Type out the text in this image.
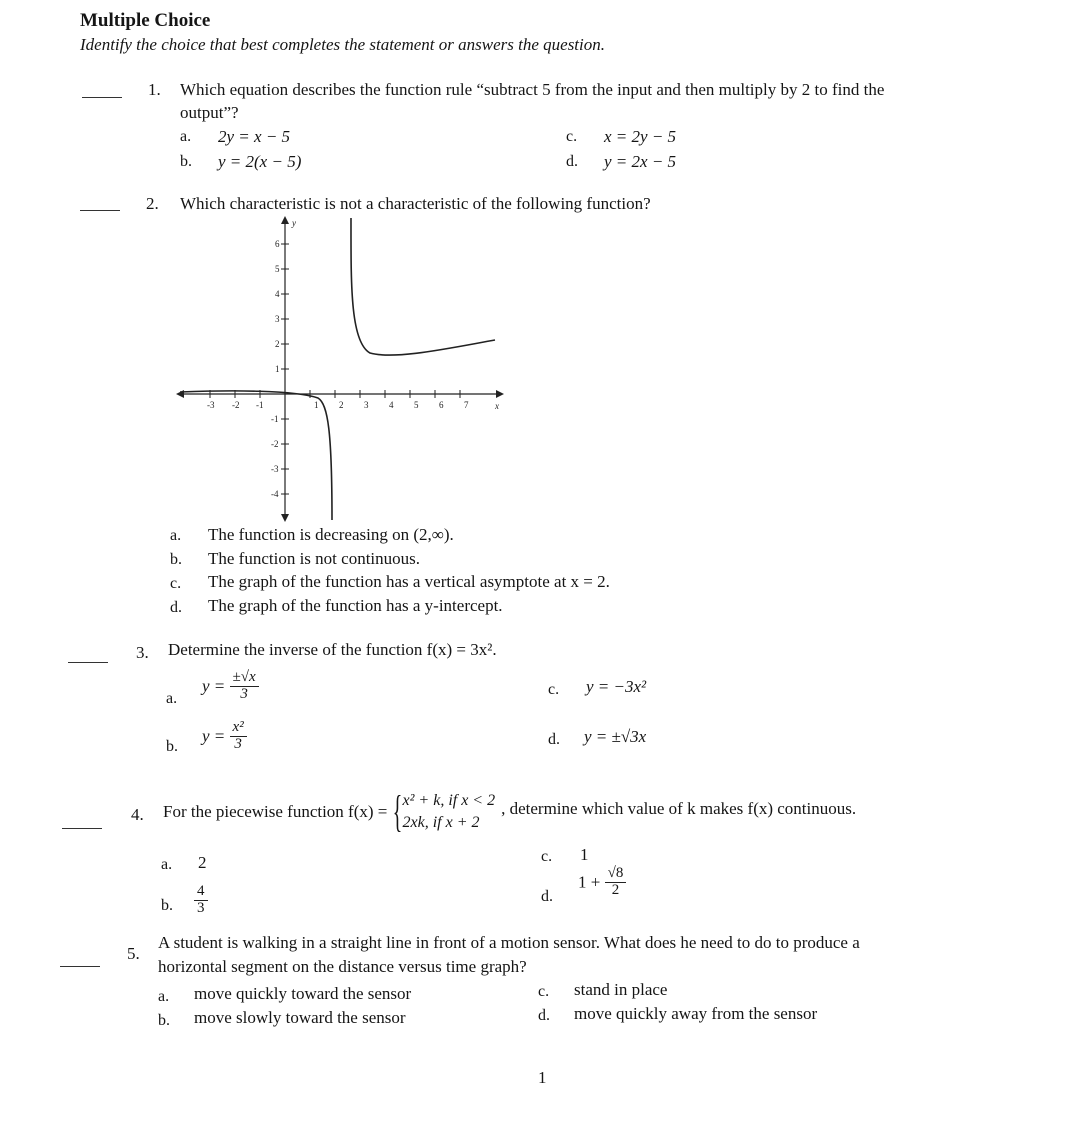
Multiple Choice
Identify the choice that best completes the statement or answers the question.
1. Which equation describes the function rule “subtract 5 from the input and then multiply by 2 to find the
output”?
a. 2y = x − 5
b. y = 2(x − 5)
c. x = 2y − 5
d. y = 2x − 5
2. Which characteristic is not a characteristic of the following function?
-3 -2 -1	1 2 3 4 5 6 7
6
5
4
3
2
1
-1
-2
-3
-4
x
y
a. The function is decreasing on (2,∞).
b. The function is not continuous.
c. The graph of the function has a vertical asymptote at x = 2.
d. The graph of the function has a y-intercept.
3. Determine the inverse of the function f(x) = 3x².
a.
$y = \frac{\pm√x}{3}$
b.
$y = \frac{\text{x²}}{3}$
c. y = −3x²
d. y = ±√3x
4. For the piecewise function f(x) = { x² + k, if x < 2
2xk, if x + 2
, determine which value of k makes f(x) continuous.
a. 2
b. $\frac{4}{3}$
c. 1
d.
$1 + \frac{√8}{2}$
5.
A student is walking in a straight line in front of a motion sensor. What does he need to do to produce a
horizontal segment on the distance versus time graph?
a. move quickly toward the sensor
b. move slowly toward the sensor
c. stand in place
d. move quickly away from the sensor
1
